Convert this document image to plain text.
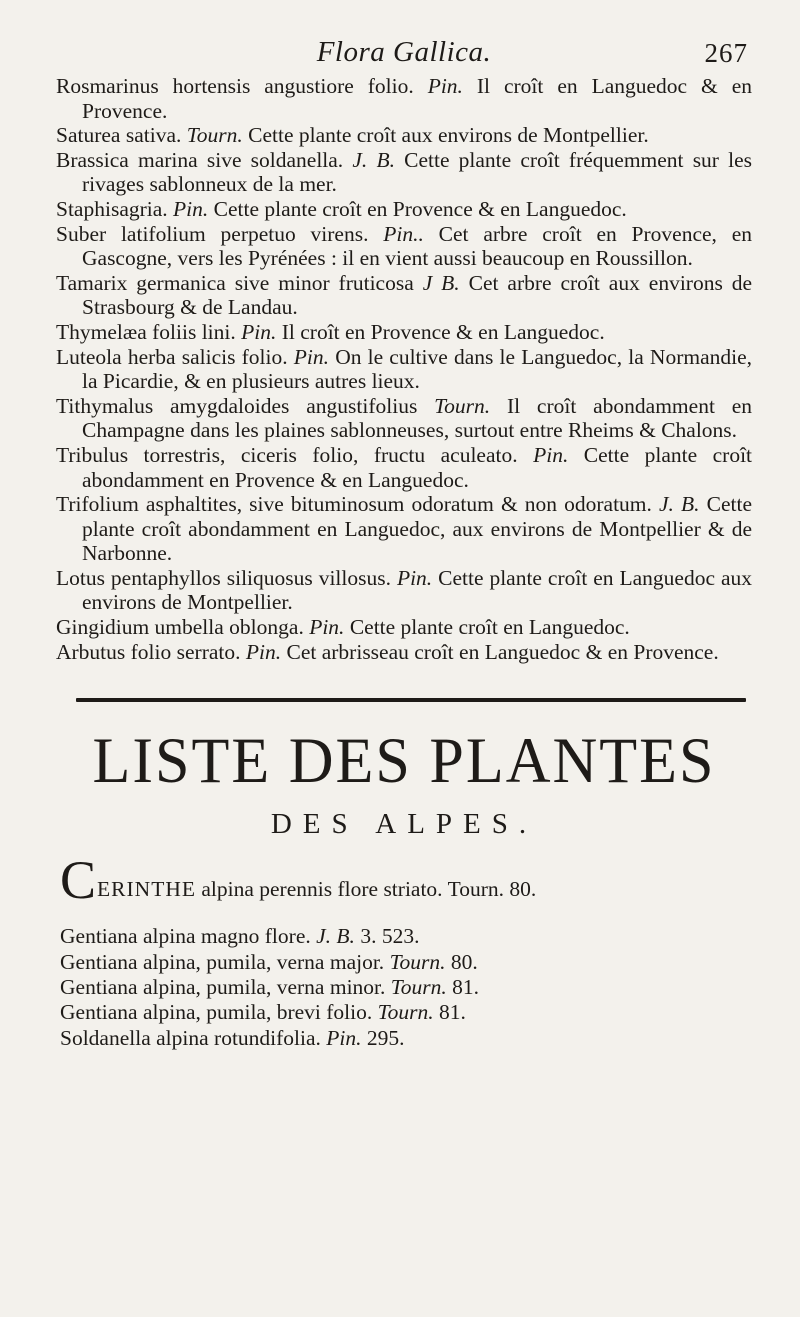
Flora Gallica.	267

Rosmarinus hortensis angustiore folio. Pin. Il croît en Languedoc & en Provence.

Saturea sativa. Tourn. Cette plante croît aux environs de Montpellier.

Brassica marina sive soldanella. J. B. Cette plante croît fréquemment sur les rivages sablonneux de la mer.

Staphisagria. Pin. Cette plante croît en Provence & en Languedoc.

Suber latifolium perpetuo virens. Pin.. Cet arbre croît en Provence, en Gascogne, vers les Pyrénées : il en vient aussi beaucoup en Roussillon.

Tamarix germanica sive minor fruticosa J B. Cet arbre croît aux environs de Strasbourg & de Landau.

Thymelæa foliis lini. Pin. Il croît en Provence & en Languedoc.

Luteola herba salicis folio. Pin. On le cultive dans le Languedoc, la Normandie, la Picardie, & en plusieurs autres lieux.

Tithymalus amygdaloides angustifolius Tourn. Il croît abondamment en Champagne dans les plaines sablonneuses, surtout entre Rheims & Chalons.

Tribulus torrestris, ciceris folio, fructu aculeato. Pin. Cette plante croît abondamment en Provence & en Languedoc.

Trifolium asphaltites, sive bituminosum odoratum & non odoratum. J. B. Cette plante croît abondamment en Languedoc, aux environs de Montpellier & de Narbonne.

Lotus pentaphyllos siliquosus villosus. Pin. Cette plante croît en Languedoc aux environs de Montpellier.

Gingidium umbella oblonga. Pin. Cette plante croît en Languedoc.

Arbutus folio serrato. Pin. Cet arbrisseau croît en Languedoc & en Provence.

LISTE DES PLANTES
DES ALPES.

CERINTHE alpina perennis flore striato. Tourn. 80.

Gentiana alpina magno flore. J. B. 3. 523.

Gentiana alpina, pumila, verna major. Tourn. 80.

Gentiana alpina, pumila, verna minor. Tourn. 81.

Gentiana alpina, pumila, brevi folio. Tourn. 81.

Soldanella alpina rotundifolia. Pin. 295.
